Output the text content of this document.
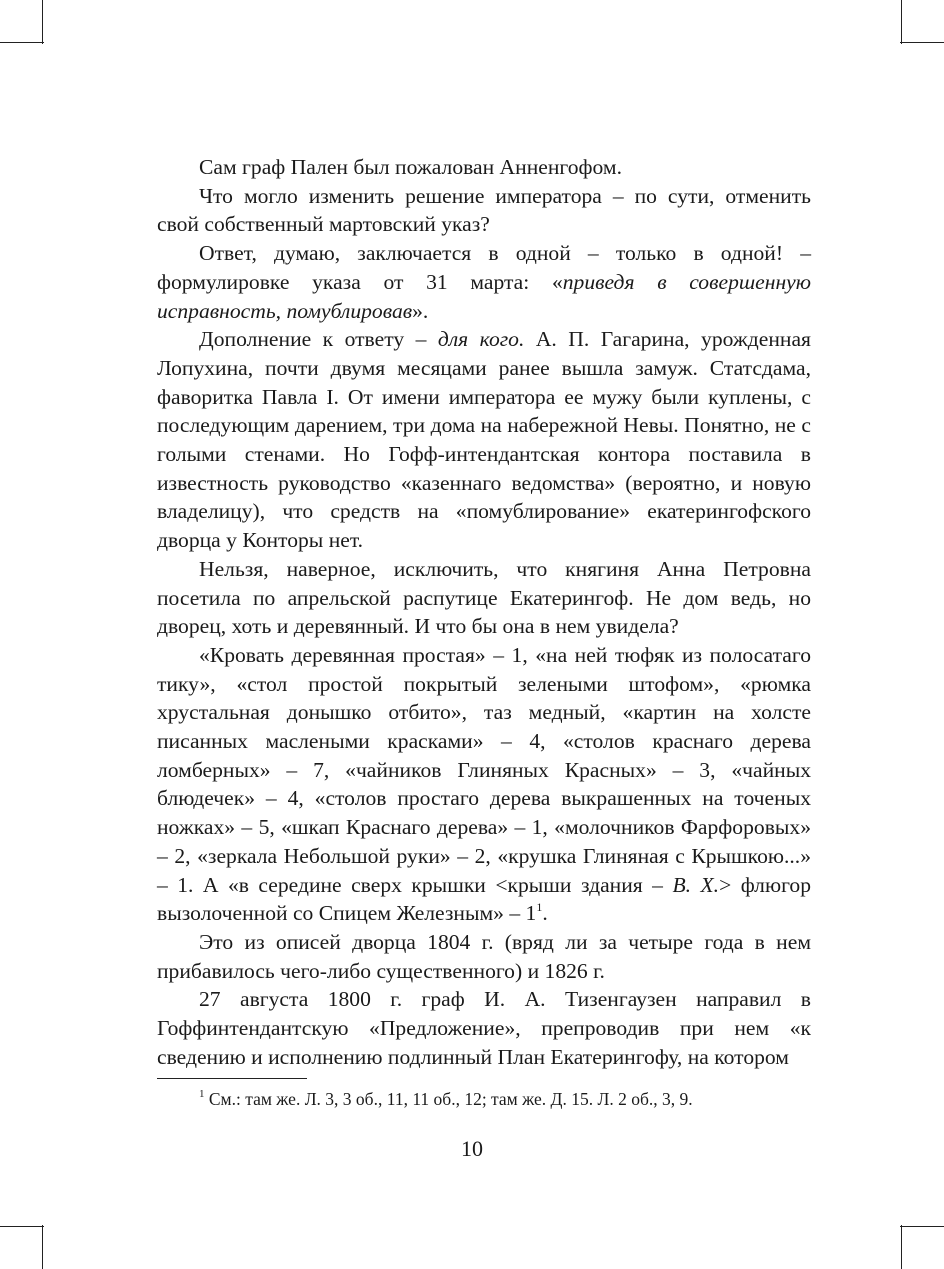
Сам граф Пален был пожалован Анненгофом.

Что могло изменить решение императора – по сути, отменить свой собственный мартовский указ?

Ответ, думаю, заключается в одной – только в одной! – формулировке указа от 31 марта: «приведя в совершенную исправность, помублировав».

Дополнение к ответу – для кого. А. П. Гагарина, урожденная Лопухина, почти двумя месяцами ранее вышла замуж. Статсдама, фаворитка Павла I. От имени императора ее мужу были куплены, с последующим дарением, три дома на набережной Невы. Понятно, не с голыми стенами. Но Гофф-интендантская контора поставила в известность руководство «казеннаго ведомства» (вероятно, и новую владелицу), что средств на «помублирование» екатерингофского дворца у Конторы нет.

Нельзя, наверное, исключить, что княгиня Анна Петровна посетила по апрельской распутице Екатерингоф. Не дом ведь, но дворец, хоть и деревянный. И что бы она в нем увидела?

«Кровать деревянная простая» – 1, «на ней тюфяк из полосатаго тику», «стол простой покрытый зелеными штофом», «рюмка хрустальная донышко отбито», таз медный, «картин на холсте писанных маслеными красками» – 4, «столов краснаго дерева ломберных» – 7, «чайников Глиняных Красных» – 3, «чайных блюдечек» – 4, «столов простаго дерева выкрашенных на точеных ножках» – 5, «шкап Краснаго дерева» – 1, «молочников Фарфоровых» – 2, «зеркала Небольшой руки» – 2, «крушка Глиняная с Крышкою...» – 1. А «в середине сверх крышки <крыши здания – В. Х.> флюгор вызолоченной со Спицем Железным» – $1^1$.

Это из описей дворца 1804 г. (вряд ли за четыре года в нем прибавилось чего-либо существенного) и 1826 г.

27 августа 1800 г. граф И. А. Тизенгаузен направил в Гоффинтендантскую «Предложение», препроводив при нем «к сведению и исполнению подлинный План Екатерингофу, на котором

$^1$ См.: там же. Л. 3, 3 об., 11, 11 об., 12; там же. Д. 15. Л. 2 об., 3, 9.
10
